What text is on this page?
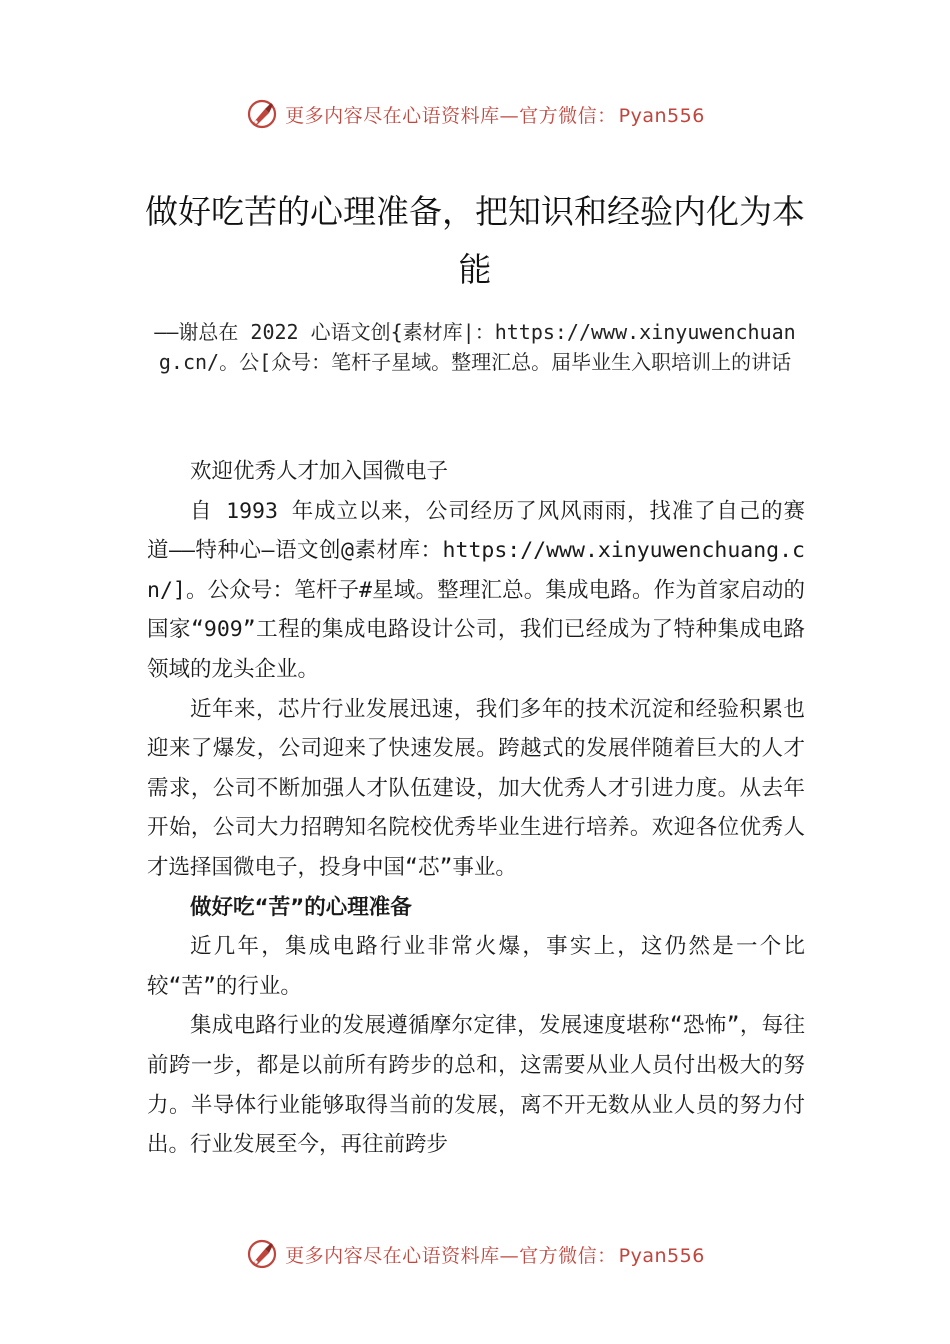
更多内容尽在心语资料库—官方微信： Pyan556
做好吃苦的心理准备，把知识和经验内化为本能
——谢总在 2022 心语文创{素材库|：https://www.xinyuwenchuang.cn/。公[众号：笔杆子星域。整理汇总。届毕业生入职培训上的讲话

欢迎优秀人才加入国微电子

自 1993 年成立以来，公司经历了风风雨雨，找准了自己的赛道——特种心—语文创@素材库：https://www.xinyuwenchuang.cn/]。公众号：笔杆子#星域。整理汇总。集成电路。作为首家启动的国家“909”工程的集成电路设计公司，我们已经成为了特种集成电路领域的龙头企业。

近年来，芯片行业发展迅速，我们多年的技术沉淀和经验积累也迎来了爆发，公司迎来了快速发展。跨越式的发展伴随着巨大的人才需求，公司不断加强人才队伍建设，加大优秀人才引进力度。从去年开始，公司大力招聘知名院校优秀毕业生进行培养。欢迎各位优秀人才选择国微电子，投身中国“芯”事业。

做好吃“苦”的心理准备

近几年，集成电路行业非常火爆，事实上，这仍然是一个比较“苦”的行业。

集成电路行业的发展遵循摩尔定律，发展速度堪称“恐怖”，每往前跨一步，都是以前所有跨步的总和，这需要从业人员付出极大的努力。半导体行业能够取得当前的发展，离不开无数从业人员的努力付出。行业发展至今，再往前跨步

更多内容尽在心语资料库—官方微信： Pyan556
